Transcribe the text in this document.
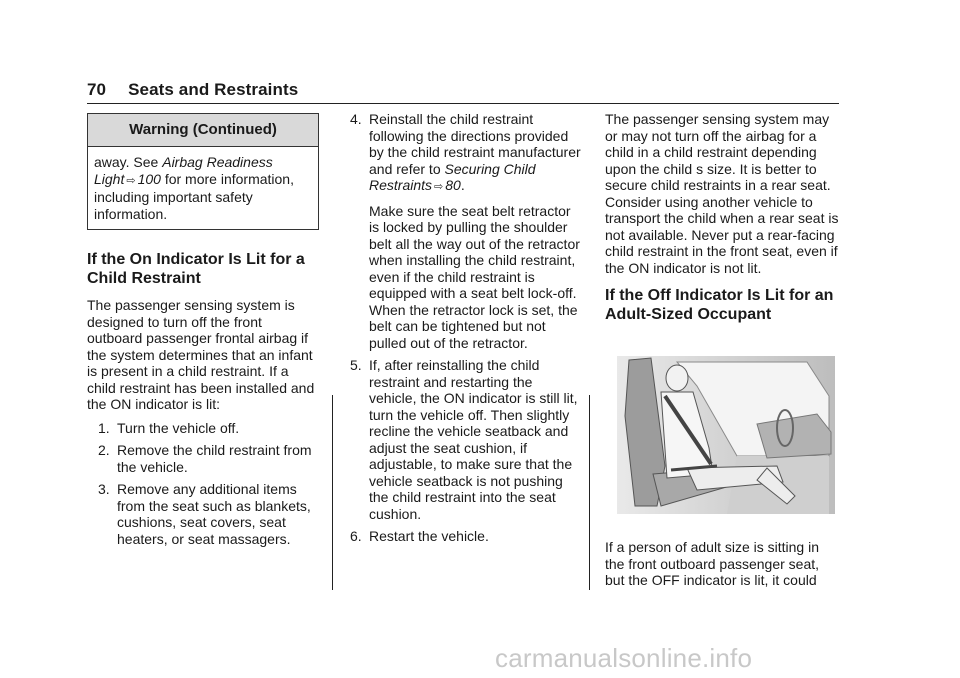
70 Seats and Restraints
Warning (Continued)
away. See Airbag Readiness Light ⇨ 100 for more information, including important safety information.
If the On Indicator Is Lit for a Child Restraint

The passenger sensing system is designed to turn off the front outboard passenger frontal airbag if the system determines that an infant is present in a child restraint. If a child restraint has been installed and the ON indicator is lit:

1. Turn the vehicle off.
2. Remove the child restraint from the vehicle.
3. Remove any additional items from the seat such as blankets, cushions, seat covers, seat heaters, or seat massagers.
4. Reinstall the child restraint following the directions provided by the child restraint manufacturer and refer to Securing Child Restraints ⇨ 80.

Make sure the seat belt retractor is locked by pulling the shoulder belt all the way out of the retractor when installing the child restraint, even if the child restraint is equipped with a seat belt lock-off. When the retractor lock is set, the belt can be tightened but not pulled out of the retractor.

5. If, after reinstalling the child restraint and restarting the vehicle, the ON indicator is still lit, turn the vehicle off. Then slightly recline the vehicle seatback and adjust the seat cushion, if adjustable, to make sure that the vehicle seatback is not pushing the child restraint into the seat cushion.
6. Restart the vehicle.

The passenger sensing system may or may not turn off the airbag for a child in a child restraint depending upon the child s size. It is better to secure child restraints in a rear seat. Consider using another vehicle to transport the child when a rear seat is not available. Never put a rear-facing child restraint in the front seat, even if the ON indicator is not lit.

If the Off Indicator Is Lit for an Adult-Sized Occupant

If a person of adult size is sitting in the front outboard passenger seat, but the OFF indicator is lit, it could

carmanualsonline.info
